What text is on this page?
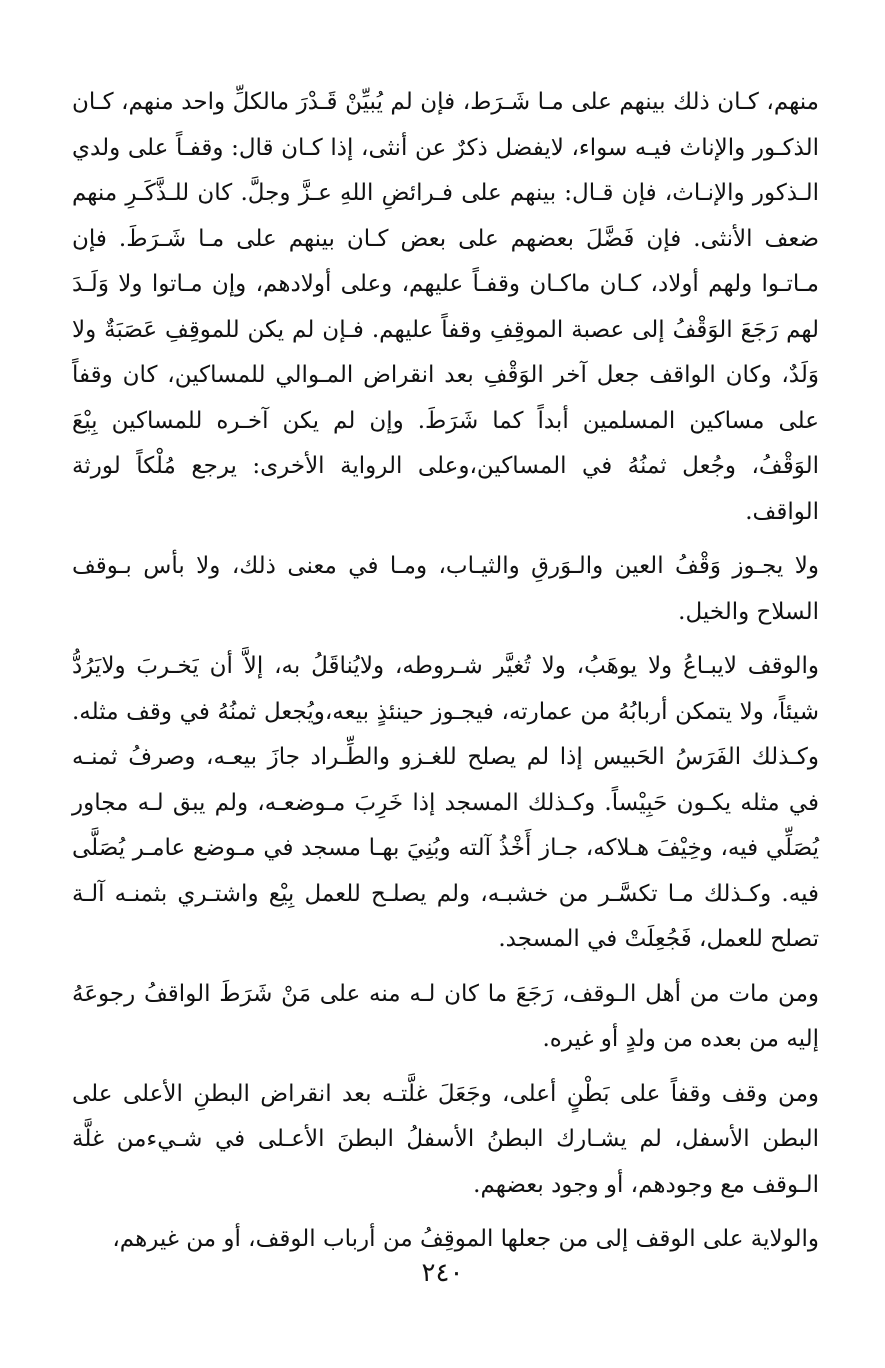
منهم، كـان ذلك بينهم على مـا شَـرَط، فإن لم يُبيِّنْ قَـدْرَ مالكلِّ واحد منهم، كـان الذكـور والإناث فيـه سواء، لايفضل ذكرٌ عن أنثى، إذا كـان قال: وقفـاً على ولدي الـذكور والإنـاث، فإن قـال: بينهم على فـرائضِ اللهِ عـزَّ وجلَّ. كان للـذَّكَـرِ منهم ضعف الأنثى. فإن فَضَّلَ بعضهم على بعض كـان بينهم على مـا شَـرَطَ. فإن مـاتـوا ولهم أولاد، كـان ماكـان وقفـاً عليهم، وعلى أولادهم، وإن مـاتوا ولا وَلَـدَ لهم رَجَعَ الوَقْفُ إلى عصبة الموقِفِ وقفاً عليهم. فـإن لم يكن للموقِفِ عَصَبَةٌ ولا وَلَدٌ، وكان الواقف جعل آخر الوَقْفِ بعد انقراض المـوالي للمساكين، كان وقفاً على مساكين المسلمين أبداً كما شَرَطَ. وإن لم يكن آخـره للمساكين بِيْعَ الوَقْفُ، وجُعل ثمنُهُ في المساكين،وعلى الرواية الأخرى: يرجع مُلْكاً لورثة الواقف.

ولا يجـوز وَقْفُ العين والـوَرقِ والثيـاب، ومـا في معنى ذلك، ولا بأس بـوقف السلاح والخيل.

والوقف لايبـاعُ ولا يوهَبُ، ولا تُغيَّر شـروطه، ولايُناقَلُ به، إلاَّ أن يَخـربَ ولايَرُدُّ شيئاً، ولا يتمكن أربابُهُ من عمارته، فيجـوز حينئذٍ بيعه،ويُجعل ثمنُهُ في وقف مثله. وكـذلك الفَرَسُ الحَبيس إذا لم يصلح للغـزو والطِّـراد جازَ بيعـه، وصرفُ ثمنـه في مثله يكـون حَبِيْساً. وكـذلك المسجد إذا خَرِبَ مـوضعـه، ولم يبق لـه مجاور يُصَلِّي فيه، وخِيْفَ هـلاكه، جـاز أَخْذُ آلته وبُنِيَ بهـا مسجد في مـوضع عامـر يُصَلَّى فيه. وكـذلك مـا تكسَّـر من خشبـه، ولم يصلـح للعمل بِيْع واشتـري بثمنـه آلـة تصلح للعمل، فَجُعِلَتْ في المسجد.

ومن مات من أهل الـوقف، رَجَعَ ما كان لـه منه على مَنْ شَرَطَ الواقفُ رجوعَهُ إليه من بعده من ولدٍ أو غيره.

ومن وقف وقفاً على بَطْنٍ أعلى، وجَعَلَ غلَّتـه بعد انقراض البطنِ الأعلى على البطن الأسفل، لم يشـارك البطنُ الأسفلُ البطنَ الأعـلى في شـيءمن غلَّة الـوقف مع وجودهم، أو وجود بعضهم.

والولاية على الوقف إلى من جعلها الموقِفُ من أرباب الوقف، أو من غيرهم،

٢٤٠
